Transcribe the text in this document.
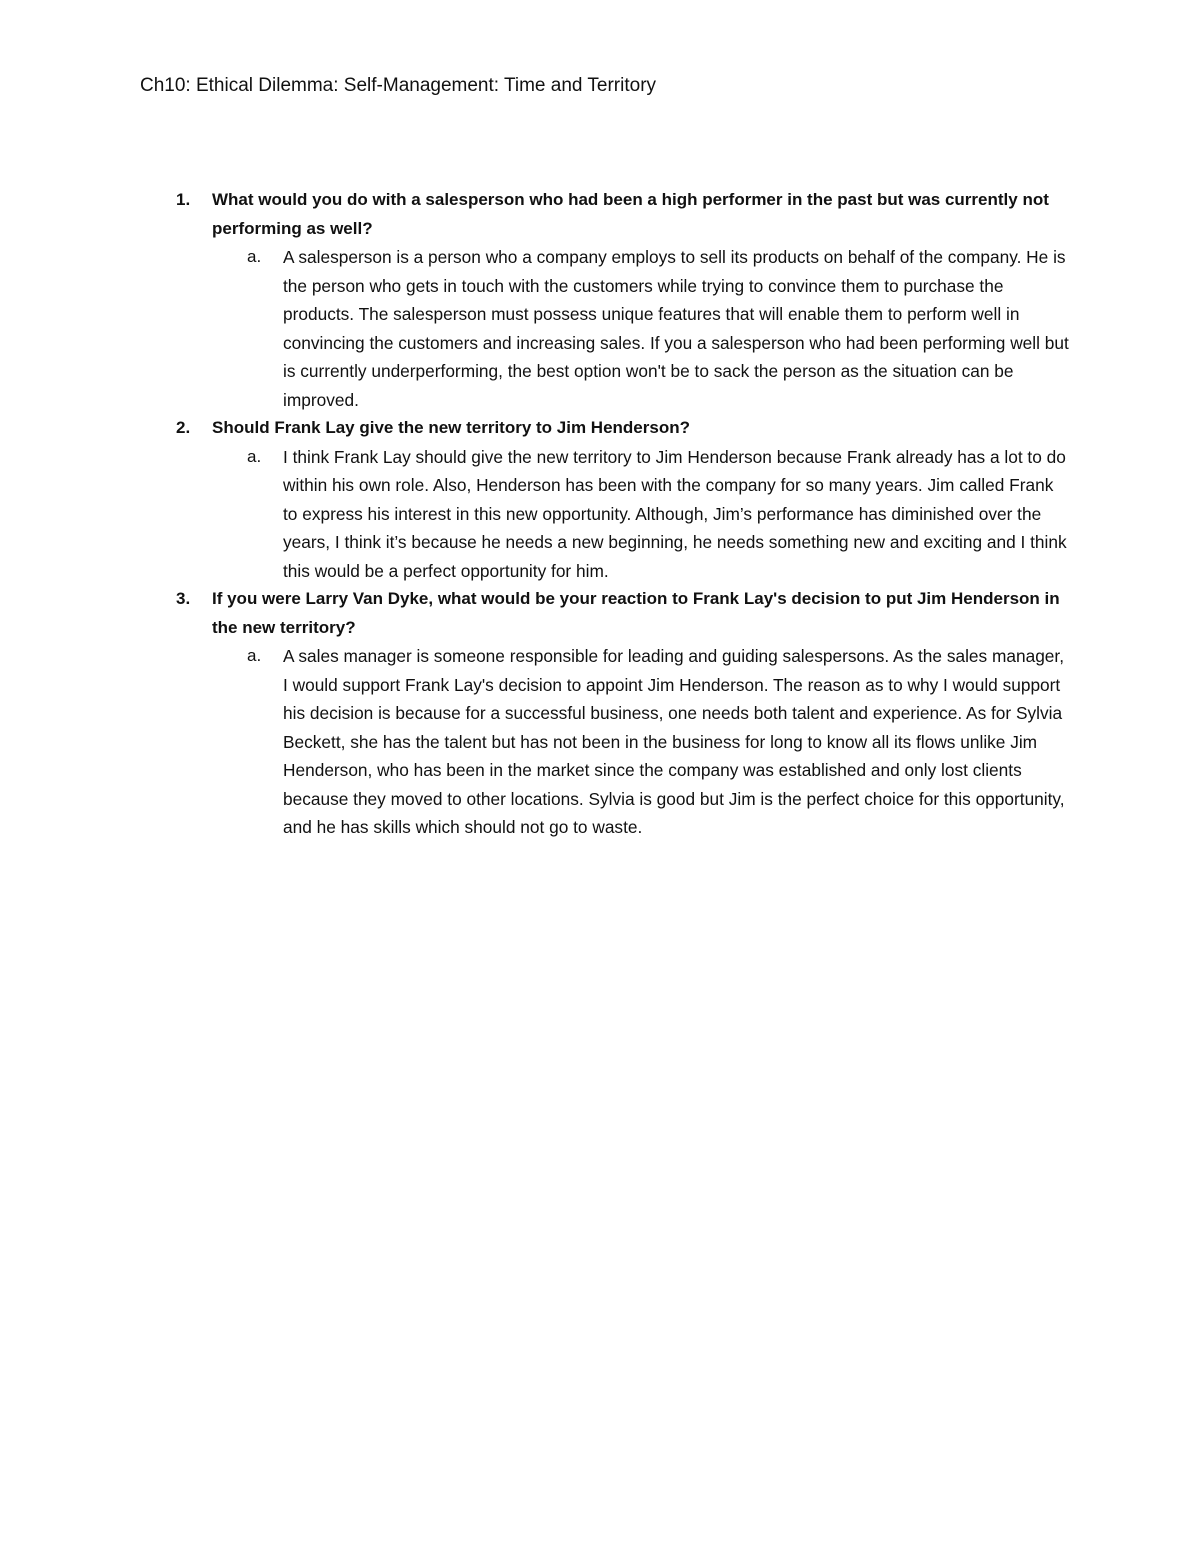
Ch10: Ethical Dilemma: Self-Management: Time and Territory
1. What would you do with a salesperson who had been a high performer in the past but was currently not performing as well?
a. A salesperson is a person who a company employs to sell its products on behalf of the company. He is the person who gets in touch with the customers while trying to convince them to purchase the products. The salesperson must possess unique features that will enable them to perform well in convincing the customers and increasing sales. If you a salesperson who had been performing well but is currently underperforming, the best option won't be to sack the person as the situation can be improved.
2. Should Frank Lay give the new territory to Jim Henderson?
a. I think Frank Lay should give the new territory to Jim Henderson because Frank already has a lot to do within his own role. Also, Henderson has been with the company for so many years. Jim called Frank to express his interest in this new opportunity. Although, Jim’s performance has diminished over the years, I think it’s because he needs a new beginning, he needs something new and exciting and I think this would be a perfect opportunity for him.
3. If you were Larry Van Dyke, what would be your reaction to Frank Lay's decision to put Jim Henderson in the new territory?
a. A sales manager is someone responsible for leading and guiding salespersons. As the sales manager, I would support Frank Lay's decision to appoint Jim Henderson. The reason as to why I would support his decision is because for a successful business, one needs both talent and experience. As for Sylvia Beckett, she has the talent but has not been in the business for long to know all its flows unlike Jim Henderson, who has been in the market since the company was established and only lost clients because they moved to other locations. Sylvia is good but Jim is the perfect choice for this opportunity, and he has skills which should not go to waste.
